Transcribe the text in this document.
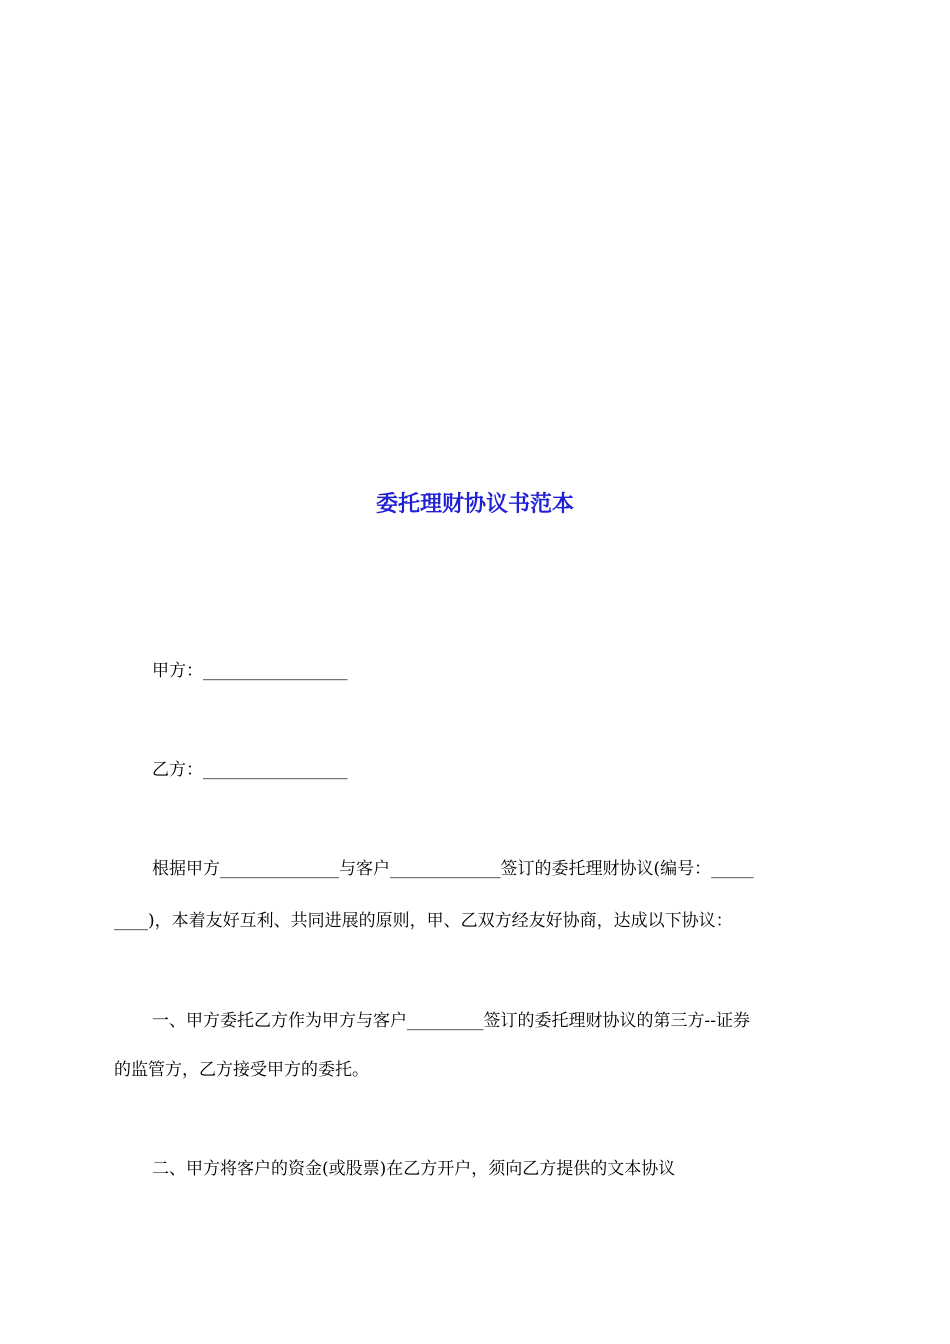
委托理财协议书范本
甲方：_________________
乙方：_________________
根据甲方______________与客户_____________签订的委托理财协议(编号：_____
____)，本着友好互利、共同进展的原则，甲、乙双方经友好协商，达成以下协议：
一、甲方委托乙方作为甲方与客户_________签订的委托理财协议的第三方--证券
的监管方，乙方接受甲方的委托。
二、甲方将客户的资金(或股票)在乙方开户，须向乙方提供的文本协议
